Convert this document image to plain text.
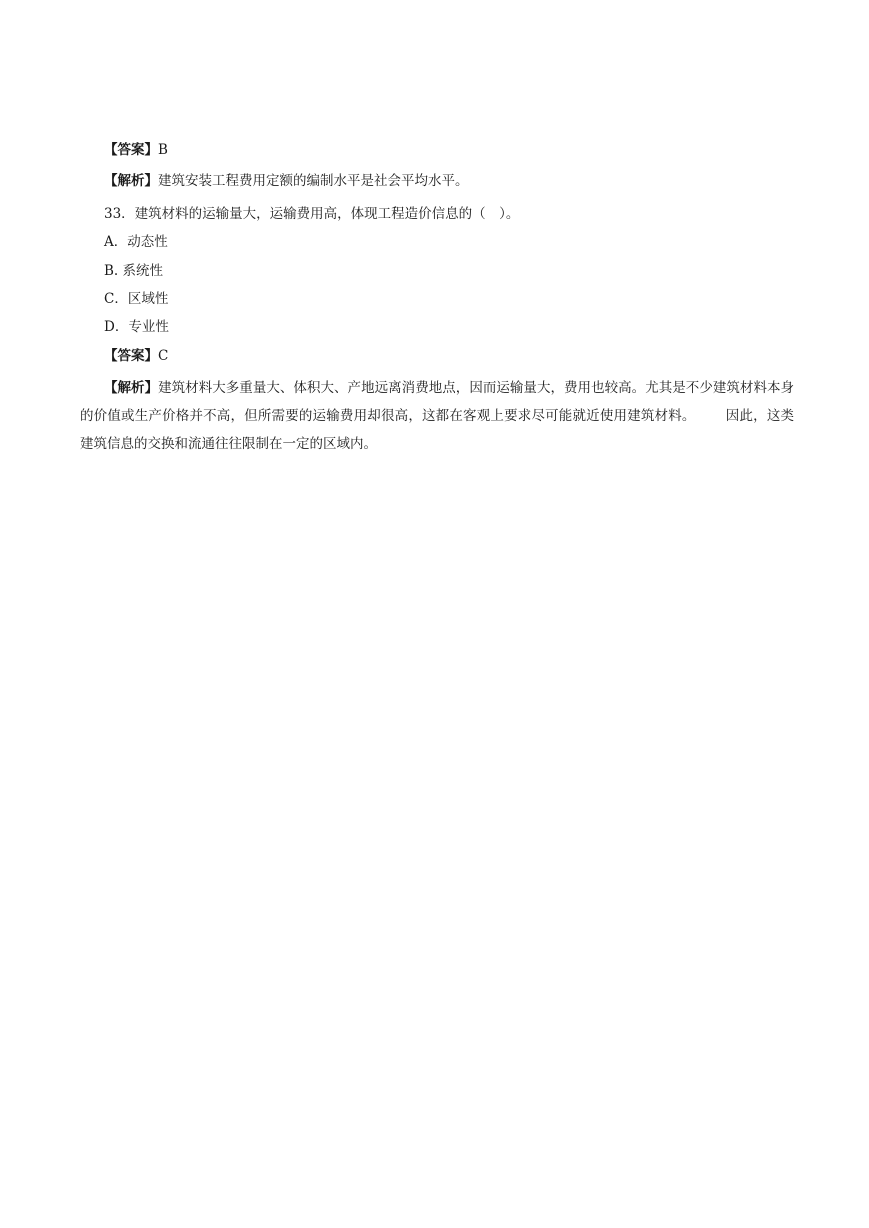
【答案】B
【解析】建筑安装工程费用定额的编制水平是社会平均水平。
33．建筑材料的运输量大，运输费用高，体现工程造价信息的（　）。
A．动态性
B. 系统性
C．区域性
D．专业性
【答案】C
【解析】建筑材料大多重量大、体积大、产地远离消费地点，因而运输量大，费用也较高。尤其是不少建筑材料本身的价值或生产价格并不高，但所需要的运输费用却很高，这都在客观上要求尽可能就近使用建筑材料。 因此，这类建筑信息的交换和流通往往限制在一定的区域内。
